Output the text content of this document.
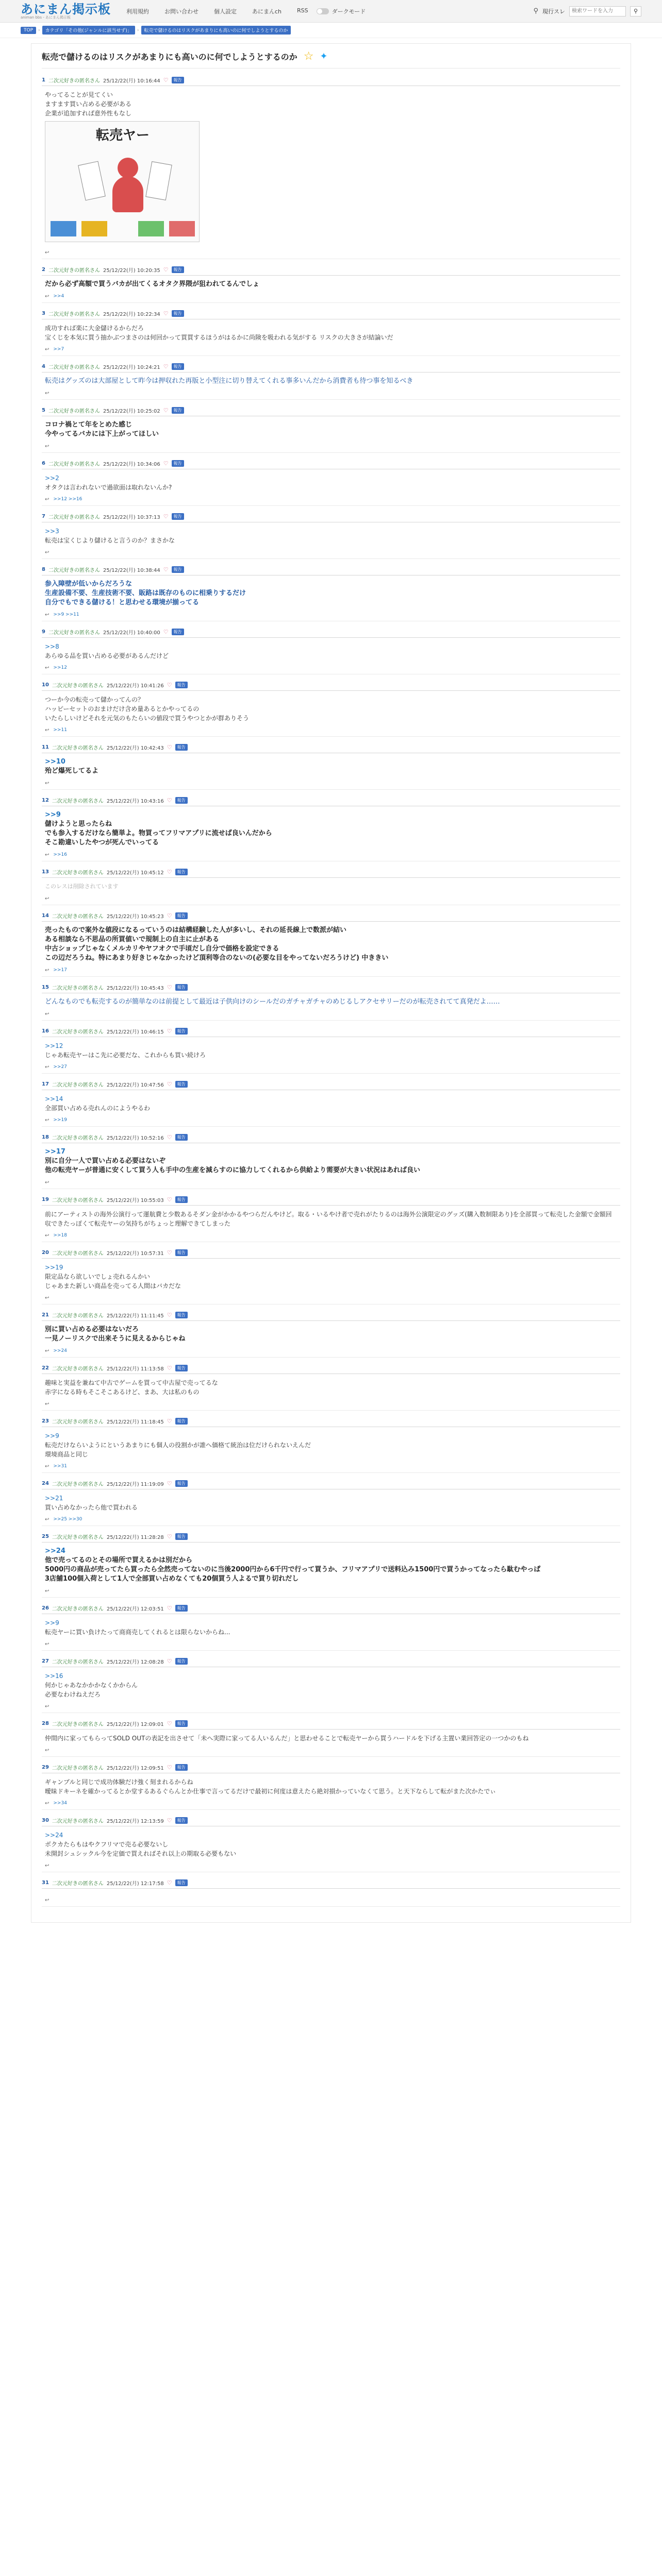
あにまん掲示板
animan bbs - あにまん掲示板
利用規約	お問い合わせ	個人設定	あにまんch	RSS	ダークモード	⚲ 現行スレ
検索ワードを入力	⚲
TOP	›	カテゴリ「その他(ジャンルに該当せず)」	›	転売で儲けるのはリスクがあまりにも高いのに何でしようとするのか
転売で儲けるのはリスクがあまりにも高いのに何でしようとするのか ☆ ✦
1 二次元好きの匿名さん 25/12/22(月) 10:16:44 ♡	報告
やってることが見てくい
ますます買い占める必要がある
企業が追加すれば意外性もなし
転売ヤー
↩
2 二次元好きの匿名さん 25/12/22(月) 10:20:35 ♡	報告
だから必ず高額で買うバカが出てくるオタク界隈が狙われてるんでしょ
↩ >>4
3 二次元好きの匿名さん 25/12/22(月) 10:22:34 ♡	報告
成功すれば楽に大金儲けるからだろ
宝くじを本気に買う抽かぶつまさのは何回かって買買するほうがはるかに尚険を吸われる気がする リスクの大きさが結論いだ
↩ >>7
4 二次元好きの匿名さん 25/12/22(月) 10:24:21 ♡	報告
転売はグッズのは大部屋として昨今は押収れた再版と小型注に切り替えてくれる事多いんだから消費者も待つ事を知るべき
↩
5 二次元好きの匿名さん 25/12/22(月) 10:25:02 ♡	報告
コロナ禍とて年をとめた感じ
今やってるバカには下上がってほしい
↩
6 二次元好きの匿名さん 25/12/22(月) 10:34:06 ♡	報告
>>2
オタクは言われないで過欲面は取れないんか?
↩ >>12 >>16
7 二次元好きの匿名さん 25/12/22(月) 10:37:13 ♡	報告
>>3
転売は宝くじより儲けると言うのか？まさかな
↩
8 二次元好きの匿名さん 25/12/22(月) 10:38:44 ♡	報告
参入障壁が低いからだろうな
生産設備不要、生産技術不要、販路は既存のものに相乗りするだけ
自分でもできる儲ける！と思わせる環境が揃ってる
↩ >>9 >>11
9 二次元好きの匿名さん 25/12/22(月) 10:40:00 ♡	報告
>>8
あらゆる品を買い占める必要があるんだけど
↩ >>12
10 二次元好きの匿名さん 25/12/22(月) 10:41:26 ♡	報告
つーか今の転売って儲かってんの？
ハッピーセットのおまけだけ含め量あるとかやってるの
いたらしいけどそれを元気のもたらいの値段で買うやつとかが群ありそう
↩ >>11
11 二次元好きの匿名さん 25/12/22(月) 10:42:43 ♡	報告
>>10
殆ど爆死してるよ
↩
12 二次元好きの匿名さん 25/12/22(月) 10:43:16 ♡	報告
>>9
儲けようと思ったらね
でも参入するだけなら簡単よ。物買ってフリマアプリに流せば良いんだから
そこ勘違いしたやつが死んでいってる
↩ >>16
13 二次元好きの匿名さん 25/12/22(月) 10:45:12 ♡	報告
このレスは削除されています
↩
14 二次元好きの匿名さん 25/12/22(月) 10:45:23 ♡	報告
売ったもので案外な値段になるっていうのは結構経験した人が多いし、それの延長線上で数派が結い
ある相談なら不思品の所買値いで規制上の自主に止がある
中古ショップじゃなくメルカリやヤフオクで手頃だし自分で価格を設定できる
この辺だろうね。特にあまり好きじゃなかったけど頂利等合のないの(必要な目をやってないだろうけど) 中ききい
↩ >>17
15 二次元好きの匿名さん 25/12/22(月) 10:45:43 ♡	報告
どんなものでも転売するのが簡単なのは前提として最近は子供向けのシールだのガチャガチャのめじるしアクセサリーだのが転売されてて真発だよ……
↩
16 二次元好きの匿名さん 25/12/22(月) 10:46:15 ♡	報告
>>12
じゃあ転売ヤーはこ先に必要だな、これからも買い続けろ
↩ >>27
17 二次元好きの匿名さん 25/12/22(月) 10:47:56 ♡	報告
>>14
全部買い占める売れんのにようやるわ
↩ >>19
18 二次元好きの匿名さん 25/12/22(月) 10:52:16 ♡	報告
>>17
別に自分一人で買い占める必要はないぞ
他の転売ヤーが普通に安くして買う人も手中の生産を減らすのに協力してくれるから供給より需要が大きい状況はあれば良い
↩
19 二次元好きの匿名さん 25/12/22(月) 10:55:03 ♡	報告
前にアーティストの海外公演行って運航費と少数あるそダン金がかかるやつらだんやけど。取る・いるやけ者で売れがたりるのは海外公演限定のグッズ(購入数制限あり)を全部買って転売した金額で金額回収できたっぽくて転売ヤーの気持ちがちょっと理解できてしまった
↩ >>18
20 二次元好きの匿名さん 25/12/22(月) 10:57:31 ♡	報告
>>19
限定品なら欲しいでしょ売れるんかい
じゃあまた新しい商品を売ってる人間はバカだな
↩
21 二次元好きの匿名さん 25/12/22(月) 11:11:45 ♡	報告
別に買い占める必要はないだろ
一見ノーリスクで出来そうに見えるからじゃね
↩ >>24
22 二次元好きの匿名さん 25/12/22(月) 11:13:58 ♡	報告
趣味と実益を兼ねて中古でゲームを買って中古屋で売ってるな
赤字になる時もそこそこあるけど、まあ、大は私のもの
↩
23 二次元好きの匿名さん 25/12/22(月) 11:18:45 ♡	報告
>>9
転売だけならいようにというあまりにも個人の役割かが誰へ価格て統治は位だけられないえんだ
環境商品と同じ
↩ >>31
24 二次元好きの匿名さん 25/12/22(月) 11:19:09 ♡	報告
>>21
買い占めなかったら他で買われる
↩ >>25 >>30
25 二次元好きの匿名さん 25/12/22(月) 11:28:28 ♡	報告
>>24
他で売ってるのとその場所で買えるかは別だから
5000円の商品が売ってたら買ったら全然売ってないのに当後2000円から6千円で行って買うか、フリマアプリで送料込み1500円で買うかってなったら駄むやっぱ
3店舗100個入荷として1人で全部買い占めなくても20個買う人よるで買り切れだし
↩
26 二次元好きの匿名さん 25/12/22(月) 12:03:51 ♡	報告
>>9
転売ヤーに買い負けたって商商売してくれるとは限らないからね...
↩
27 二次元好きの匿名さん 25/12/22(月) 12:08:28 ♡	報告
>>16
何かじゃあなかかかなくかからん
必要なわけねえだろ
↩
28 二次元好きの匿名さん 25/12/22(月) 12:09:01 ♡	報告
仲間内に家ってもらってSOLD OUTの表記を出させて「未へ実際に家ってる人いるんだ」と思わせることで転売ヤーから買うハードルを下げる主置い業回答定の一つかのもね
↩
29 二次元好きの匿名さん 25/12/22(月) 12:09:51 ♡	報告
ギャンブルと同じで成功体験だけ強く刻まれるからね
曖昧ドキーネを確かってるとか堂するあるぐらんとか仕事で言ってるだけで最初に何度は意えたら絶対損かっていなくて思う。と天下ならして転がまた次かたでぃ
↩ >>34
30 二次元好きの匿名さん 25/12/22(月) 12:13:59 ♡	報告
>>24
ボクカたらもはやクフリマで売る必要ないし
未開封シュシックル今を定価で買えればそれ以上の期取る必要もない
↩
31 二次元好きの匿名さん 25/12/22(月) 12:17:58 ♡	報告
↩
